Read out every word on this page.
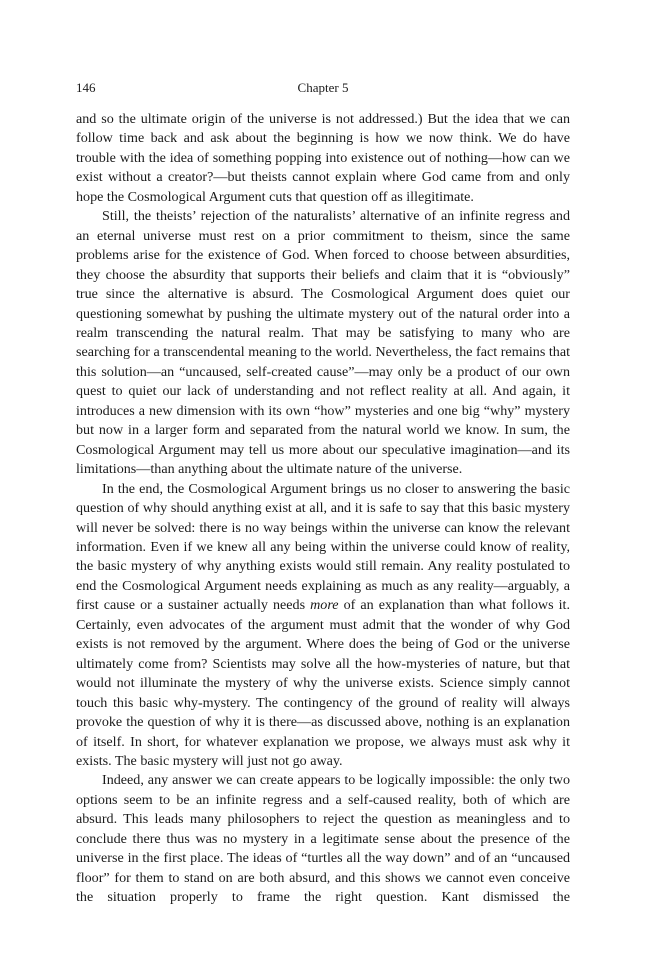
146	Chapter 5

and so the ultimate origin of the universe is not addressed.) But the idea that we can follow time back and ask about the beginning is how we now think. We do have trouble with the idea of something popping into existence out of nothing—how can we exist without a creator?—but theists cannot explain where God came from and only hope the Cosmological Argument cuts that question off as illegitimate.

Still, the theists’ rejection of the naturalists’ alternative of an infinite regress and an eternal universe must rest on a prior commitment to theism, since the same problems arise for the existence of God. When forced to choose between absurdities, they choose the absurdity that supports their beliefs and claim that it is “obviously” true since the alternative is absurd. The Cosmological Argument does quiet our questioning somewhat by pushing the ultimate mystery out of the natural order into a realm transcending the natural realm. That may be satisfying to many who are searching for a transcendental meaning to the world. Nevertheless, the fact remains that this solution—an “uncaused, self-created cause”—may only be a product of our own quest to quiet our lack of understanding and not reflect reality at all. And again, it introduces a new dimension with its own “how” mysteries and one big “why” mystery but now in a larger form and separated from the natural world we know. In sum, the Cosmological Argument may tell us more about our speculative imagination—and its limitations—than anything about the ultimate nature of the universe.

In the end, the Cosmological Argument brings us no closer to answering the basic question of why should anything exist at all, and it is safe to say that this basic mystery will never be solved: there is no way beings within the universe can know the relevant information. Even if we knew all any being within the universe could know of reality, the basic mystery of why anything exists would still remain. Any reality postulated to end the Cosmological Argument needs explaining as much as any reality—arguably, a first cause or a sustainer actually needs more of an explanation than what follows it. Certainly, even advocates of the argument must admit that the wonder of why God exists is not removed by the argument. Where does the being of God or the universe ultimately come from? Scientists may solve all the how-mysteries of nature, but that would not illuminate the mystery of why the universe exists. Science simply cannot touch this basic why-mystery. The contingency of the ground of reality will always provoke the question of why it is there—as discussed above, nothing is an explanation of itself. In short, for whatever explanation we propose, we always must ask why it exists. The basic mystery will just not go away.

Indeed, any answer we can create appears to be logically impossible: the only two options seem to be an infinite regress and a self-caused reality, both of which are absurd. This leads many philosophers to reject the question as meaningless and to conclude there thus was no mystery in a legitimate sense about the presence of the universe in the first place. The ideas of “turtles all the way down” and of an “uncaused floor” for them to stand on are both absurd, and this shows we cannot even conceive the situation properly to frame the right question. Kant dismissed the
